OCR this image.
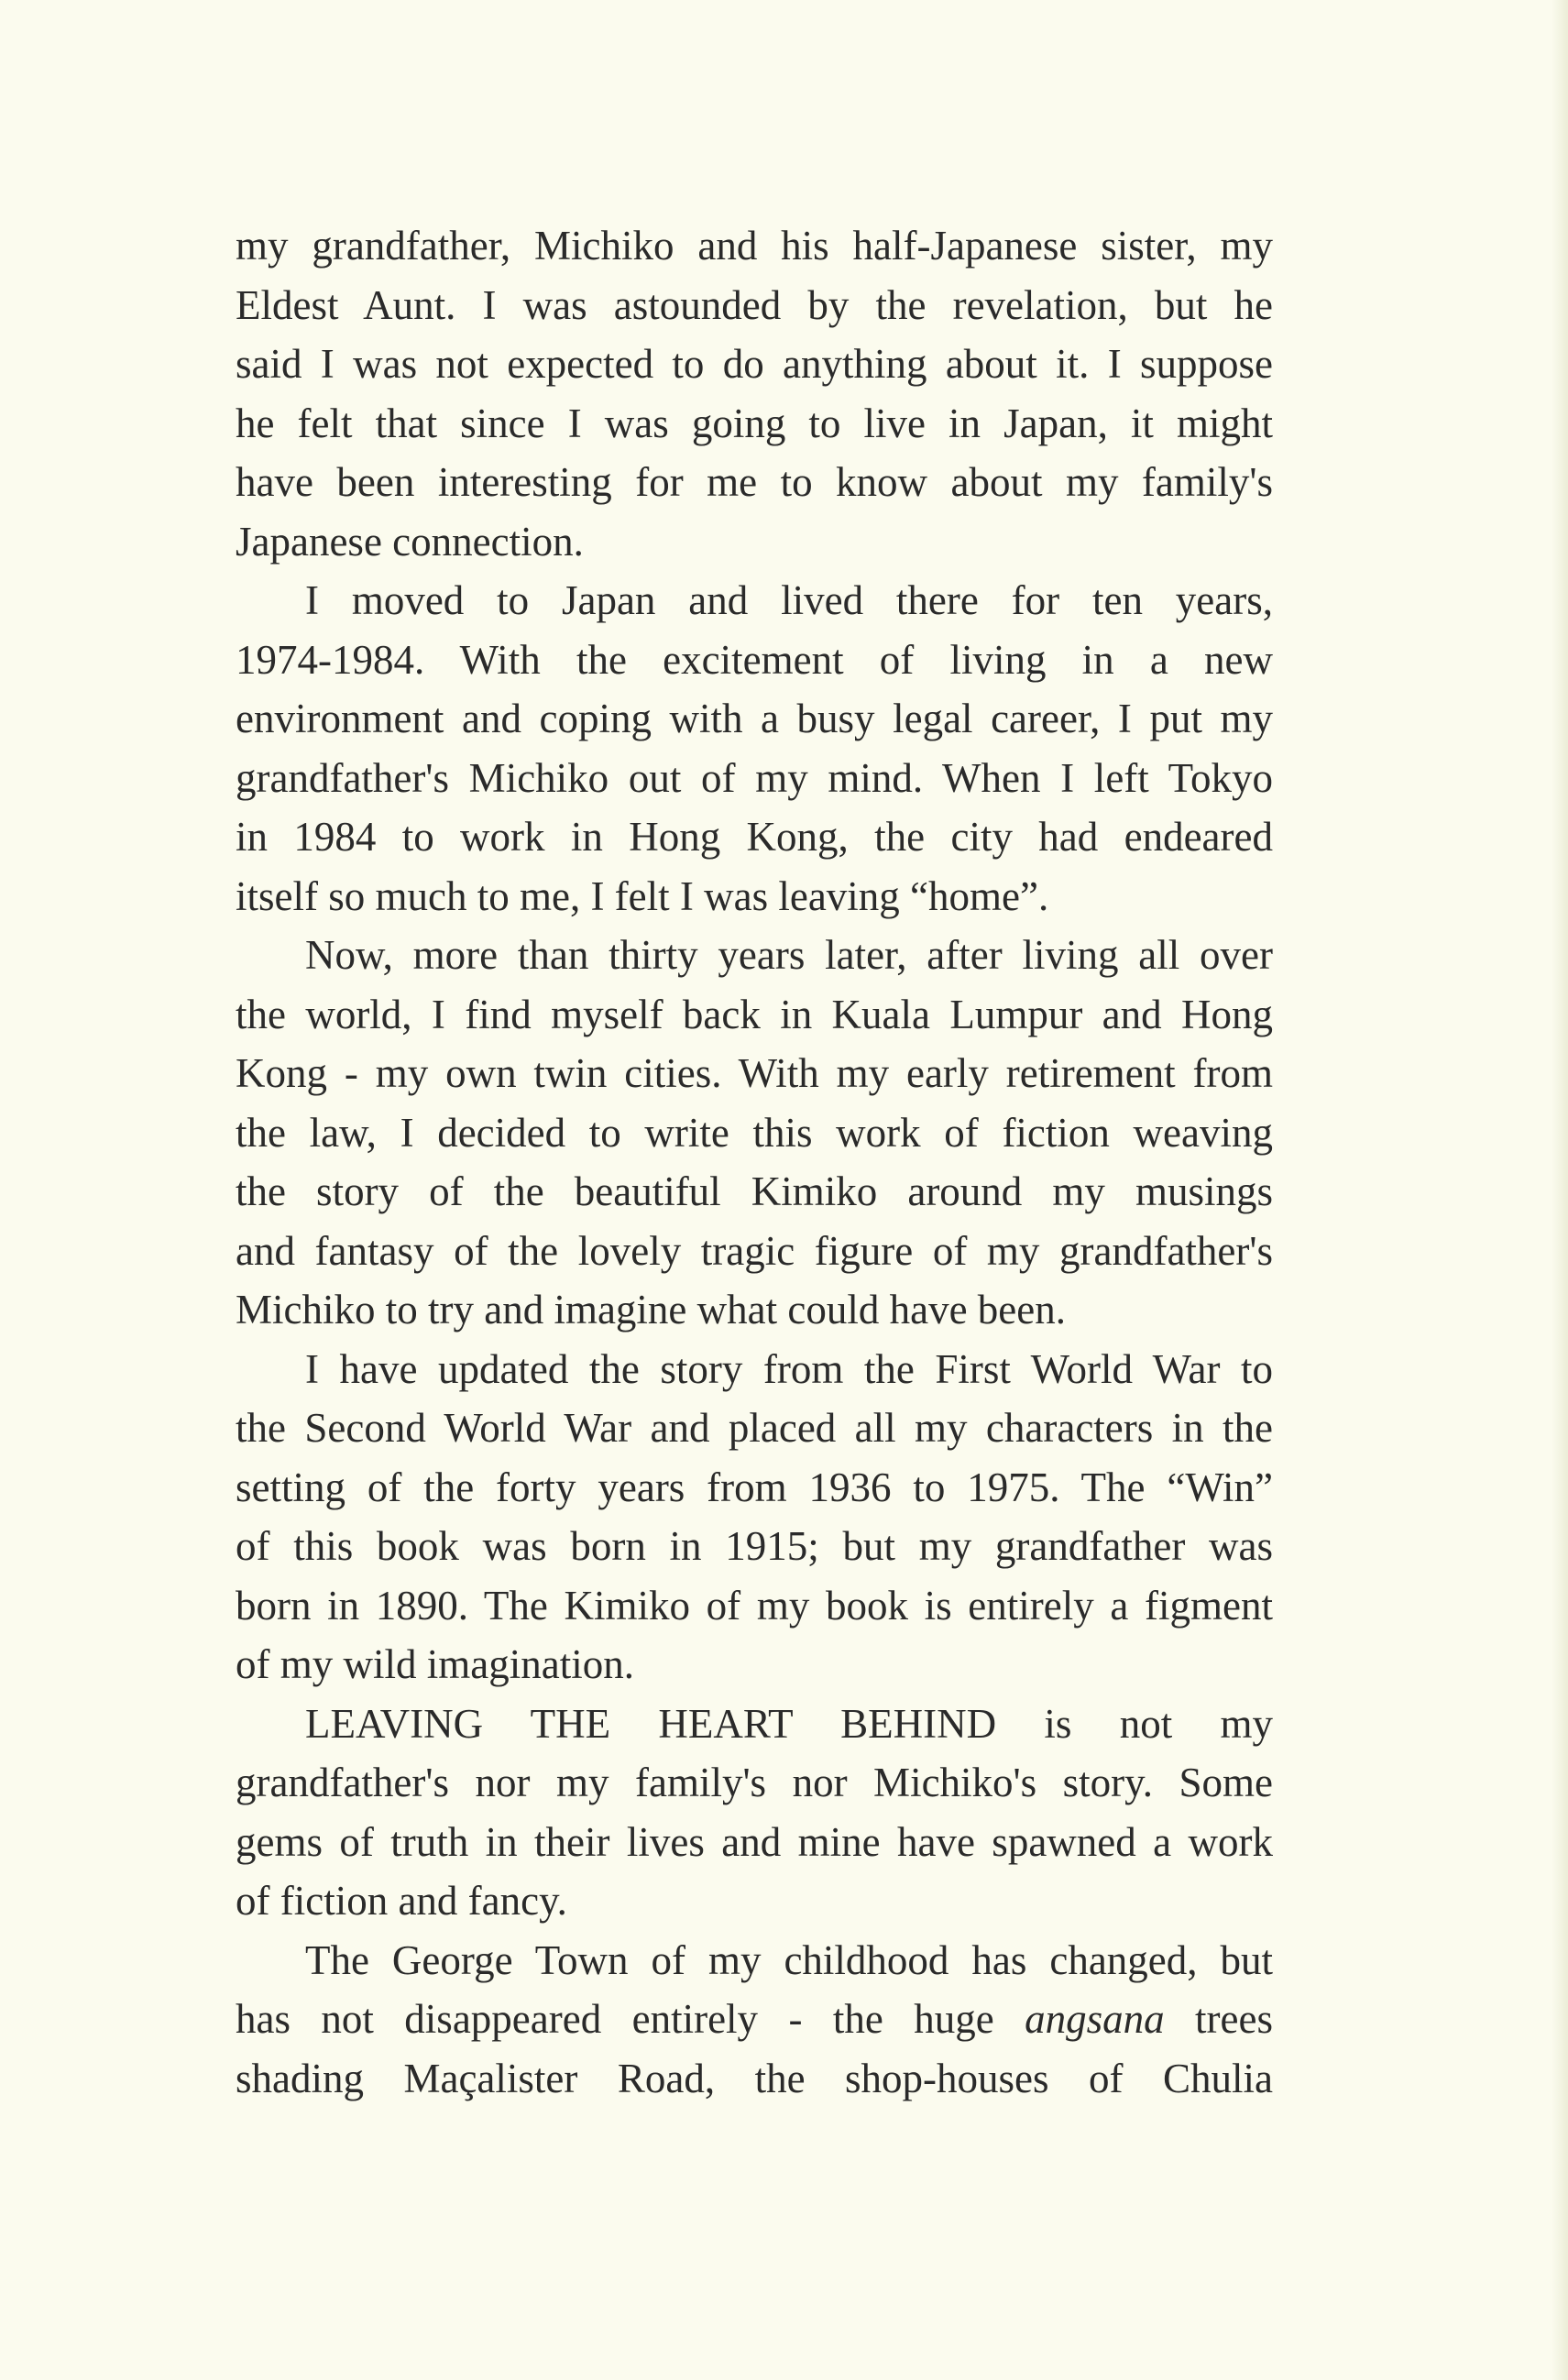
my grandfather, Michiko and his half-Japanese sister, my
Eldest Aunt. I was astounded by the revelation, but he
said I was not expected to do anything about it. I suppose
he felt that since I was going to live in Japan, it might
have been interesting for me to know about my family's
Japanese connection.

I moved to Japan and lived there for ten years,
1974-1984. With the excitement of living in a new
environment and coping with a busy legal career, I put my
grandfather's Michiko out of my mind. When I left Tokyo
in 1984 to work in Hong Kong, the city had endeared
itself so much to me, I felt I was leaving “home”.

Now, more than thirty years later, after living all over
the world, I find myself back in Kuala Lumpur and Hong
Kong - my own twin cities. With my early retirement from
the law, I decided to write this work of fiction weaving
the story of the beautiful Kimiko around my musings
and fantasy of the lovely tragic figure of my grandfather's
Michiko to try and imagine what could have been.

I have updated the story from the First World War to
the Second World War and placed all my characters in the
setting of the forty years from 1936 to 1975. The “Win”
of this book was born in 1915; but my grandfather was
born in 1890. The Kimiko of my book is entirely a figment
of my wild imagination.

LEAVING THE HEART BEHIND is not my
grandfather's nor my family's nor Michiko's story. Some
gems of truth in their lives and mine have spawned a work
of fiction and fancy.

The George Town of my childhood has changed, but
has not disappeared entirely - the huge angsana trees
shading Maçalister Road, the shop-houses of Chulia
